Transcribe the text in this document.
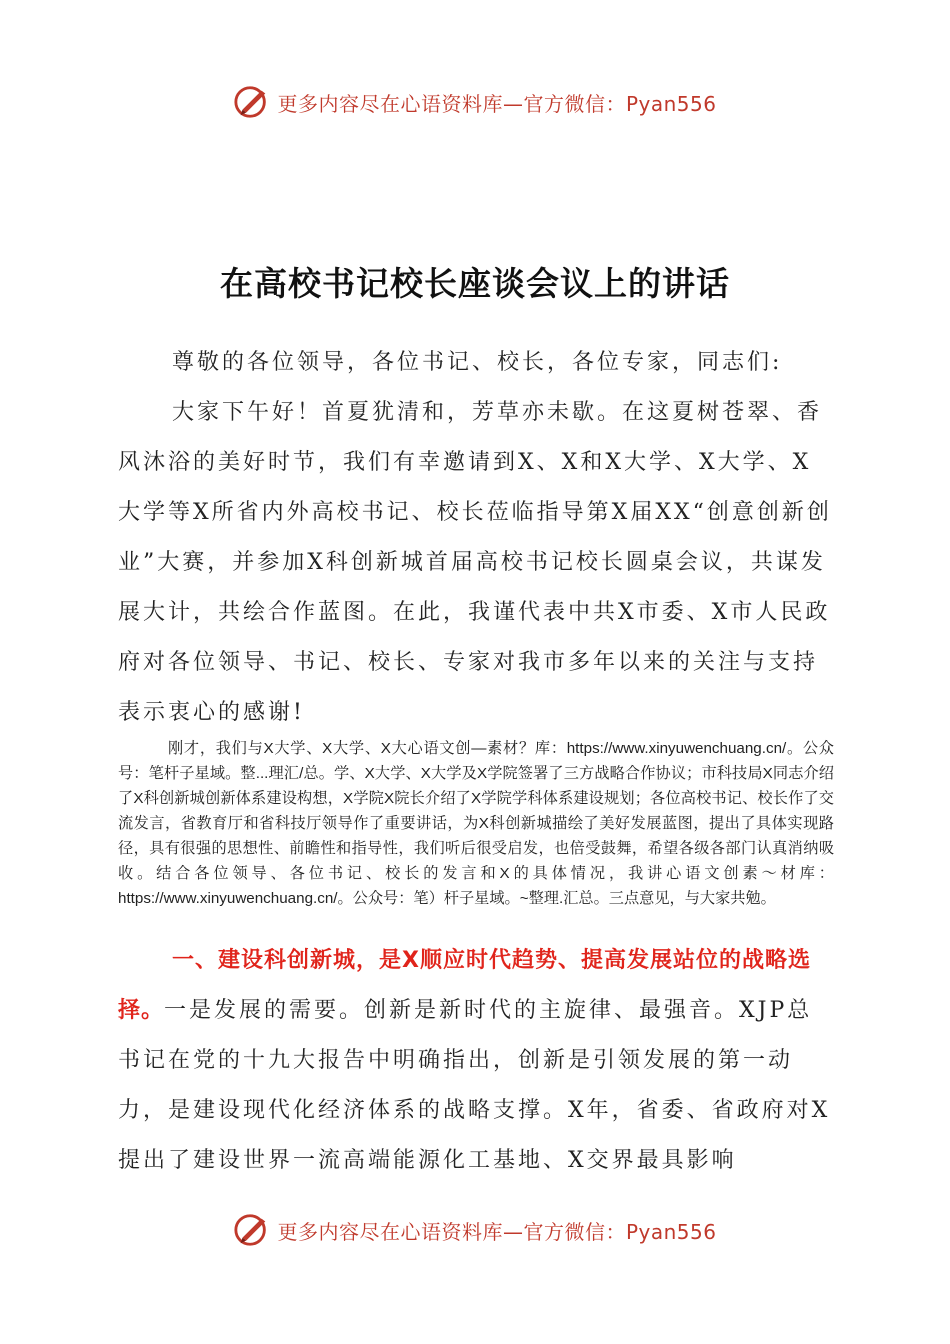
更多内容尽在心语资料库—官方微信：Pyan556
在高校书记校长座谈会议上的讲话
尊敬的各位领导，各位书记、校长，各位专家，同志们:
大家下午好！首夏犹清和，芳草亦未歇。在这夏树苍翠、香风沐浴的美好时节，我们有幸邀请到X、X和X大学、X大学、X大学等X所省内外高校书记、校长莅临指导第X届XX“创意创新创业”大赛，并参加X科创新城首届高校书记校长圆桌会议，共谋发展大计，共绘合作蓝图。在此，我谨代表中共X市委、X市人民政府对各位领导、书记、校长、专家对我市多年以来的关注与支持表示衷心的感谢!

刚才，我们与X大学、X大学、X大心语文创—素材？库：https://www.xinyuwenchuang.cn/。公众号：笔杆子星域。整...理汇/总。学、X大学、X大学及X学院签署了三方战略合作协议；市科技局X同志介绍了X科创新城创新体系建设构想，X学院X院长介绍了X学院学科体系建设规划；各位高校书记、校长作了交流发言，省教育厅和省科技厅领导作了重要讲话，为X科创新城描绘了美好发展蓝图，提出了具体实现路径，具有很强的思想性、前瞻性和指导性，我们听后很受启发，也倍受鼓舞，希望各级各部门认真消纳吸收。结合各位领导、各位书记、校长的发言和X的具体情况，我讲心语文创素～材库：https://www.xinyuwenchuang.cn/。公众号：笔）杆子星域。~整理.汇总。三点意见，与大家共勉。

一、建设科创新城，是X顺应时代趋势、提高发展站位的战略选择。一是发展的需要。创新是新时代的主旋律、最强音。XJP总书记在党的十九大报告中明确指出，创新是引领发展的第一动力，是建设现代化经济体系的战略支撑。X年，省委、省政府对X提出了建设世界一流高端能源化工基地、X交界最具影响
更多内容尽在心语资料库—官方微信：Pyan556
